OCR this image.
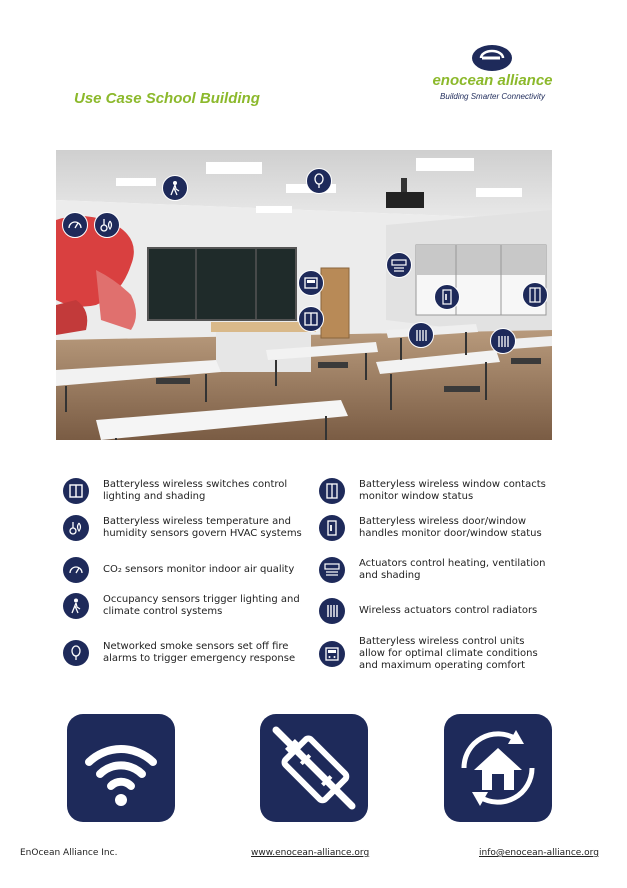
Use Case School Building
enocean alliance
Building Smarter Connectivity
Batteryless wireless switches control lighting and shading
Batteryless wireless temperature and humidity sensors govern HVAC systems
CO₂ sensors monitor indoor air quality
Occupancy sensors trigger lighting and climate control systems
Networked smoke sensors set off fire alarms to trigger emergency response
Batteryless wireless window contacts monitor window status
Batteryless wireless door/window handles monitor door/window status
Actuators control heating, ventilation and shading
Wireless actuators control radiators
Batteryless wireless control units allow for optimal climate conditions and maximum operating comfort
EnOcean Alliance Inc.	www.enocean-alliance.org	info@enocean-alliance.org
